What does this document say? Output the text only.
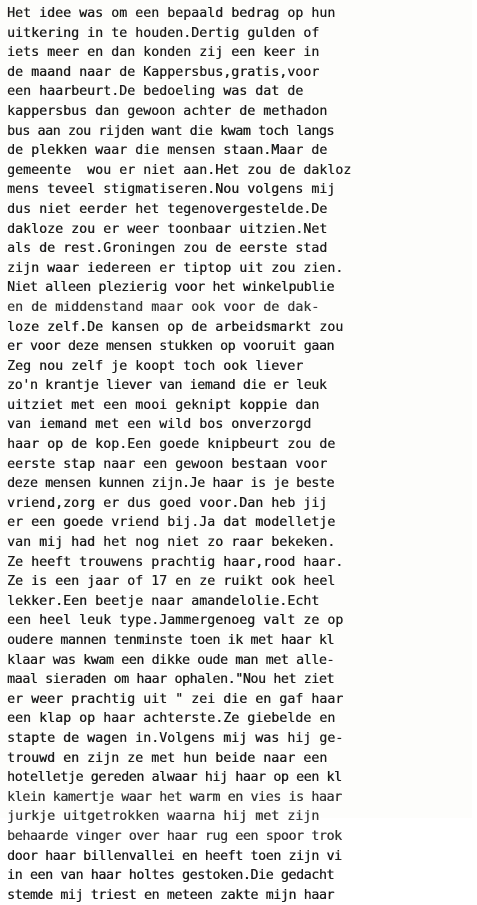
Het idee was om een bepaald bedrag op hun
uitkering in te houden.Dertig gulden of
iets meer en dan konden zij een keer in
de maand naar de Kappersbus,gratis,voor
een haarbeurt.De bedoeling was dat de
kappersbus dan gewoon achter de methadon
bus aan zou rijden want die kwam toch langs
de plekken waar die mensen staan.Maar de
gemeente  wou er niet aan.Het zou de dakloz
mens teveel stigmatiseren.Nou volgens mij
dus niet eerder het tegenovergestelde.De
dakloze zou er weer toonbaar uitzien.Net
als de rest.Groningen zou de eerste stad
zijn waar iedereen er tiptop uit zou zien.
Niet alleen plezierig voor het winkelpublie
en de middenstand maar ook voor de dak-
loze zelf.De kansen op de arbeidsmarkt zou
er voor deze mensen stukken op vooruit gaan
Zeg nou zelf je koopt toch ook liever
zo'n krantje liever van iemand die er leuk
uitziet met een mooi geknipt koppie dan
van iemand met een wild bos onverzorgd
haar op de kop.Een goede knipbeurt zou de
eerste stap naar een gewoon bestaan voor
deze mensen kunnen zijn.Je haar is je beste
vriend,zorg er dus goed voor.Dan heb jij
er een goede vriend bij.Ja dat modelletje
van mij had het nog niet zo raar bekeken.
Ze heeft trouwens prachtig haar,rood haar.
Ze is een jaar of 17 en ze ruikt ook heel
lekker.Een beetje naar amandelolie.Echt
een heel leuk type.Jammergenoeg valt ze op
oudere mannen tenminste toen ik met haar kl
klaar was kwam een dikke oude man met alle-
maal sieraden om haar ophalen."Nou het ziet
er weer prachtig uit " zei die en gaf haar
een klap op haar achterste.Ze giebelde en
stapte de wagen in.Volgens mij was hij ge-
trouwd en zijn ze met hun beide naar een
hotelletje gereden alwaar hij haar op een kl
klein kamertje waar het warm en vies is haar
jurkje uitgetrokken waarna hij met zijn
behaarde vinger over haar rug een spoor trok
door haar billenvallei en heeft toen zijn vi
in een van haar holtes gestoken.Die gedacht
stemde mij triest en meteen zakte mijn haar
